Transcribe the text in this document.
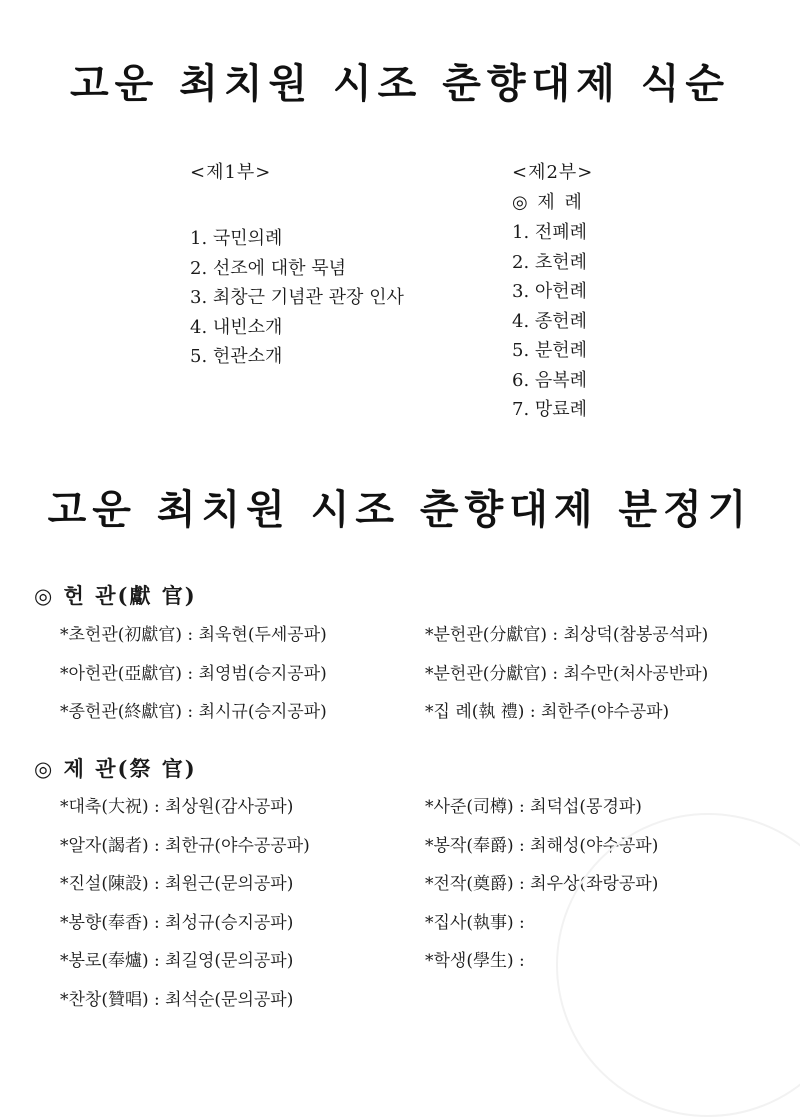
고운 최치원 시조 춘향대제 식순
<제1부>
1. 국민의례
2. 선조에 대한 묵념
3. 최창근 기념관 관장 인사
4. 내빈소개
5. 헌관소개
<제2부>
◎ 제 례
1. 전폐례
2. 초헌례
3. 아헌례
4. 종헌례
5. 분헌례
6. 음복례
7. 망료례
고운 최치원 시조 춘향대제 분정기
◎ 헌 관(獻 官)
*초헌관(初獻官) : 최욱현(두세공파)
*아헌관(亞獻官) : 최영범(승지공파)
*종헌관(終獻官) : 최시규(승지공파)
*분헌관(分獻官) : 최상덕(참봉공석파)
*분헌관(分獻官) : 최수만(처사공반파)
*집 례(執 禮) : 최한주(야수공파)
◎ 제 관(祭 官)
*대축(大祝) : 최상원(감사공파)
*알자(謁者) : 최한규(야수공공파)
*진설(陳設) : 최원근(문의공파)
*봉향(奉香) : 최성규(승지공파)
*봉로(奉爐) : 최길영(문의공파)
*찬창(贊唱) : 최석순(문의공파)
*사준(司樽) : 최덕섭(몽경파)
*봉작(奉爵) : 최해성(야수공파)
*전작(奠爵) : 최우상(좌랑공파)
*집사(執事) :
*학생(學生) :
